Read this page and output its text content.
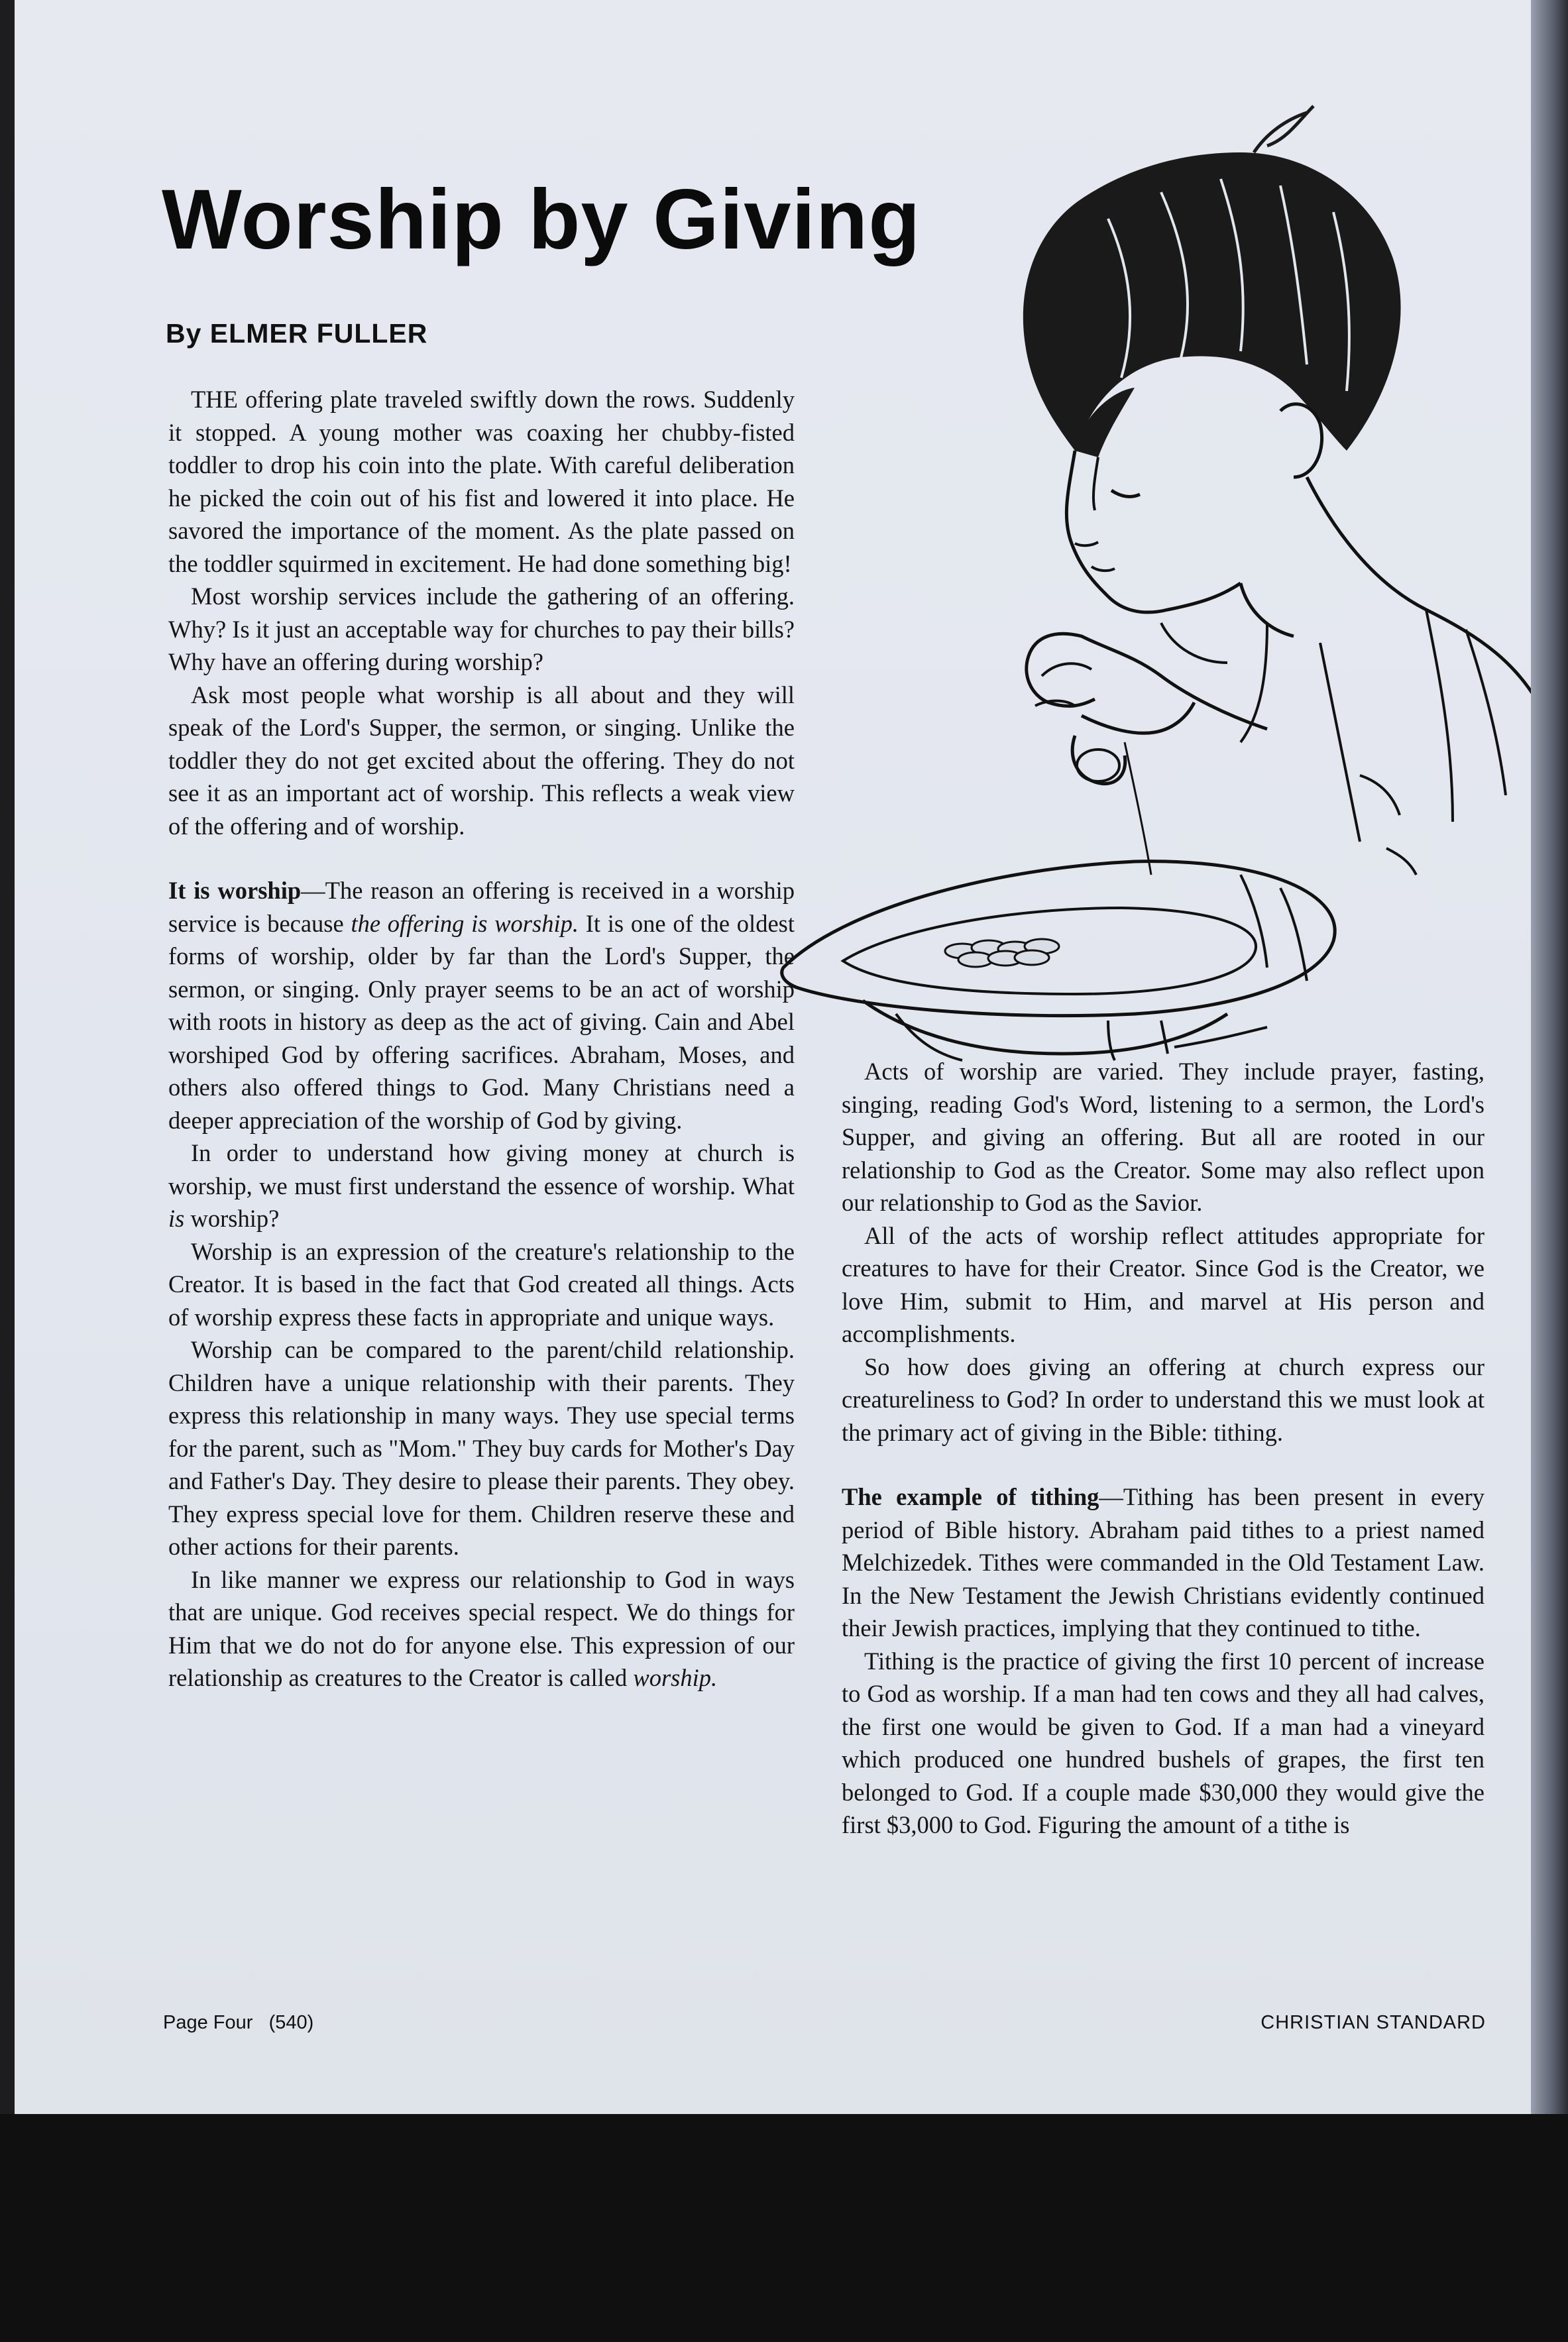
Worship by Giving
By ELMER FULLER

THE offering plate traveled swiftly down the rows. Suddenly it stopped. A young mother was coaxing her chubby-fisted toddler to drop his coin into the plate. With careful deliberation he picked the coin out of his fist and lowered it into place. He savored the importance of the moment. As the plate passed on the toddler squirmed in excitement. He had done something big!

Most worship services include the gathering of an offering. Why? Is it just an acceptable way for churches to pay their bills? Why have an offering during worship?

Ask most people what worship is all about and they will speak of the Lord's Supper, the sermon, or singing. Unlike the toddler they do not get excited about the offering. They do not see it as an important act of worship. This reflects a weak view of the offering and of worship.

It is worship—The reason an offering is received in a worship service is because the offering is worship. It is one of the oldest forms of worship, older by far than the Lord's Supper, the sermon, or singing. Only prayer seems to be an act of worship with roots in history as deep as the act of giving. Cain and Abel worshiped God by offering sacrifices. Abraham, Moses, and others also offered things to God. Many Christians need a deeper appreciation of the worship of God by giving.

In order to understand how giving money at church is worship, we must first understand the essence of worship. What is worship?

Worship is an expression of the creature's relationship to the Creator. It is based in the fact that God created all things. Acts of worship express these facts in appropriate and unique ways.

Worship can be compared to the parent/child relationship. Children have a unique relationship with their parents. They express this relationship in many ways. They use special terms for the parent, such as "Mom." They buy cards for Mother's Day and Father's Day. They desire to please their parents. They obey. They express special love for them. Children reserve these and other actions for their parents.

In like manner we express our relationship to God in ways that are unique. God receives special respect. We do things for Him that we do not do for anyone else. This expression of our relationship as creatures to the Creator is called worship.

Acts of worship are varied. They include prayer, fasting, singing, reading God's Word, listening to a sermon, the Lord's Supper, and giving an offering. But all are rooted in our relationship to God as the Creator. Some may also reflect upon our relationship to God as the Savior.

All of the acts of worship reflect attitudes appropriate for creatures to have for their Creator. Since God is the Creator, we love Him, submit to Him, and marvel at His person and accomplishments.

So how does giving an offering at church express our creatureliness to God? In order to understand this we must look at the primary act of giving in the Bible: tithing.

The example of tithing—Tithing has been present in every period of Bible history. Abraham paid tithes to a priest named Melchizedek. Tithes were commanded in the Old Testament Law. In the New Testament the Jewish Christians evidently continued their Jewish practices, implying that they continued to tithe.

Tithing is the practice of giving the first 10 percent of increase to God as worship. If a man had ten cows and they all had calves, the first one would be given to God. If a man had a vineyard which produced one hundred bushels of grapes, the first ten belonged to God. If a couple made $30,000 they would give the first $3,000 to God. Figuring the amount of a tithe is

Page Four   (540)	CHRISTIAN STANDARD
